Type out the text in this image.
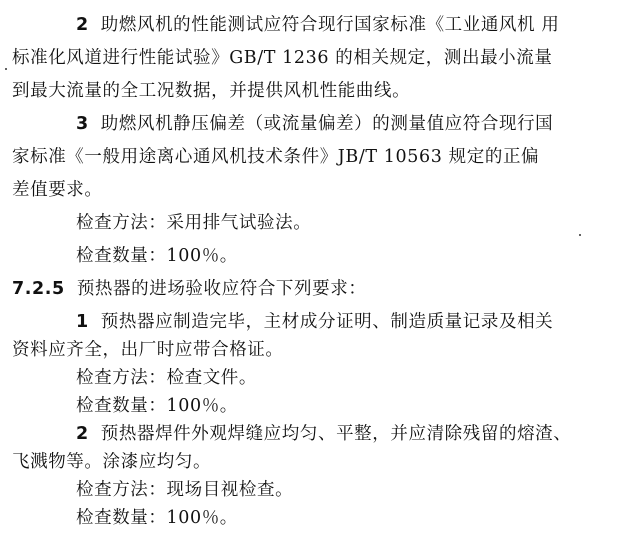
2 助燃风机的性能测试应符合现行国家标准《工业通风机 用
标准化风道进行性能试验》GB/T 1236 的相关规定，测出最小流量
到最大流量的全工况数据，并提供风机性能曲线。
3 助燃风机静压偏差（或流量偏差）的测量值应符合现行国
家标准《一般用途离心通风机技术条件》JB/T 10563 规定的正偏
差值要求。
检查方法：采用排气试验法。
检查数量：100％。
7.2.5 预热器的进场验收应符合下列要求：
1 预热器应制造完毕，主材成分证明、制造质量记录及相关
资料应齐全，出厂时应带合格证。
检查方法：检查文件。
检查数量：100％。
2 预热器焊件外观焊缝应均匀、平整，并应清除残留的熔渣、
飞溅物等。涂漆应均匀。
检查方法：现场目视检查。
检查数量：100％。
